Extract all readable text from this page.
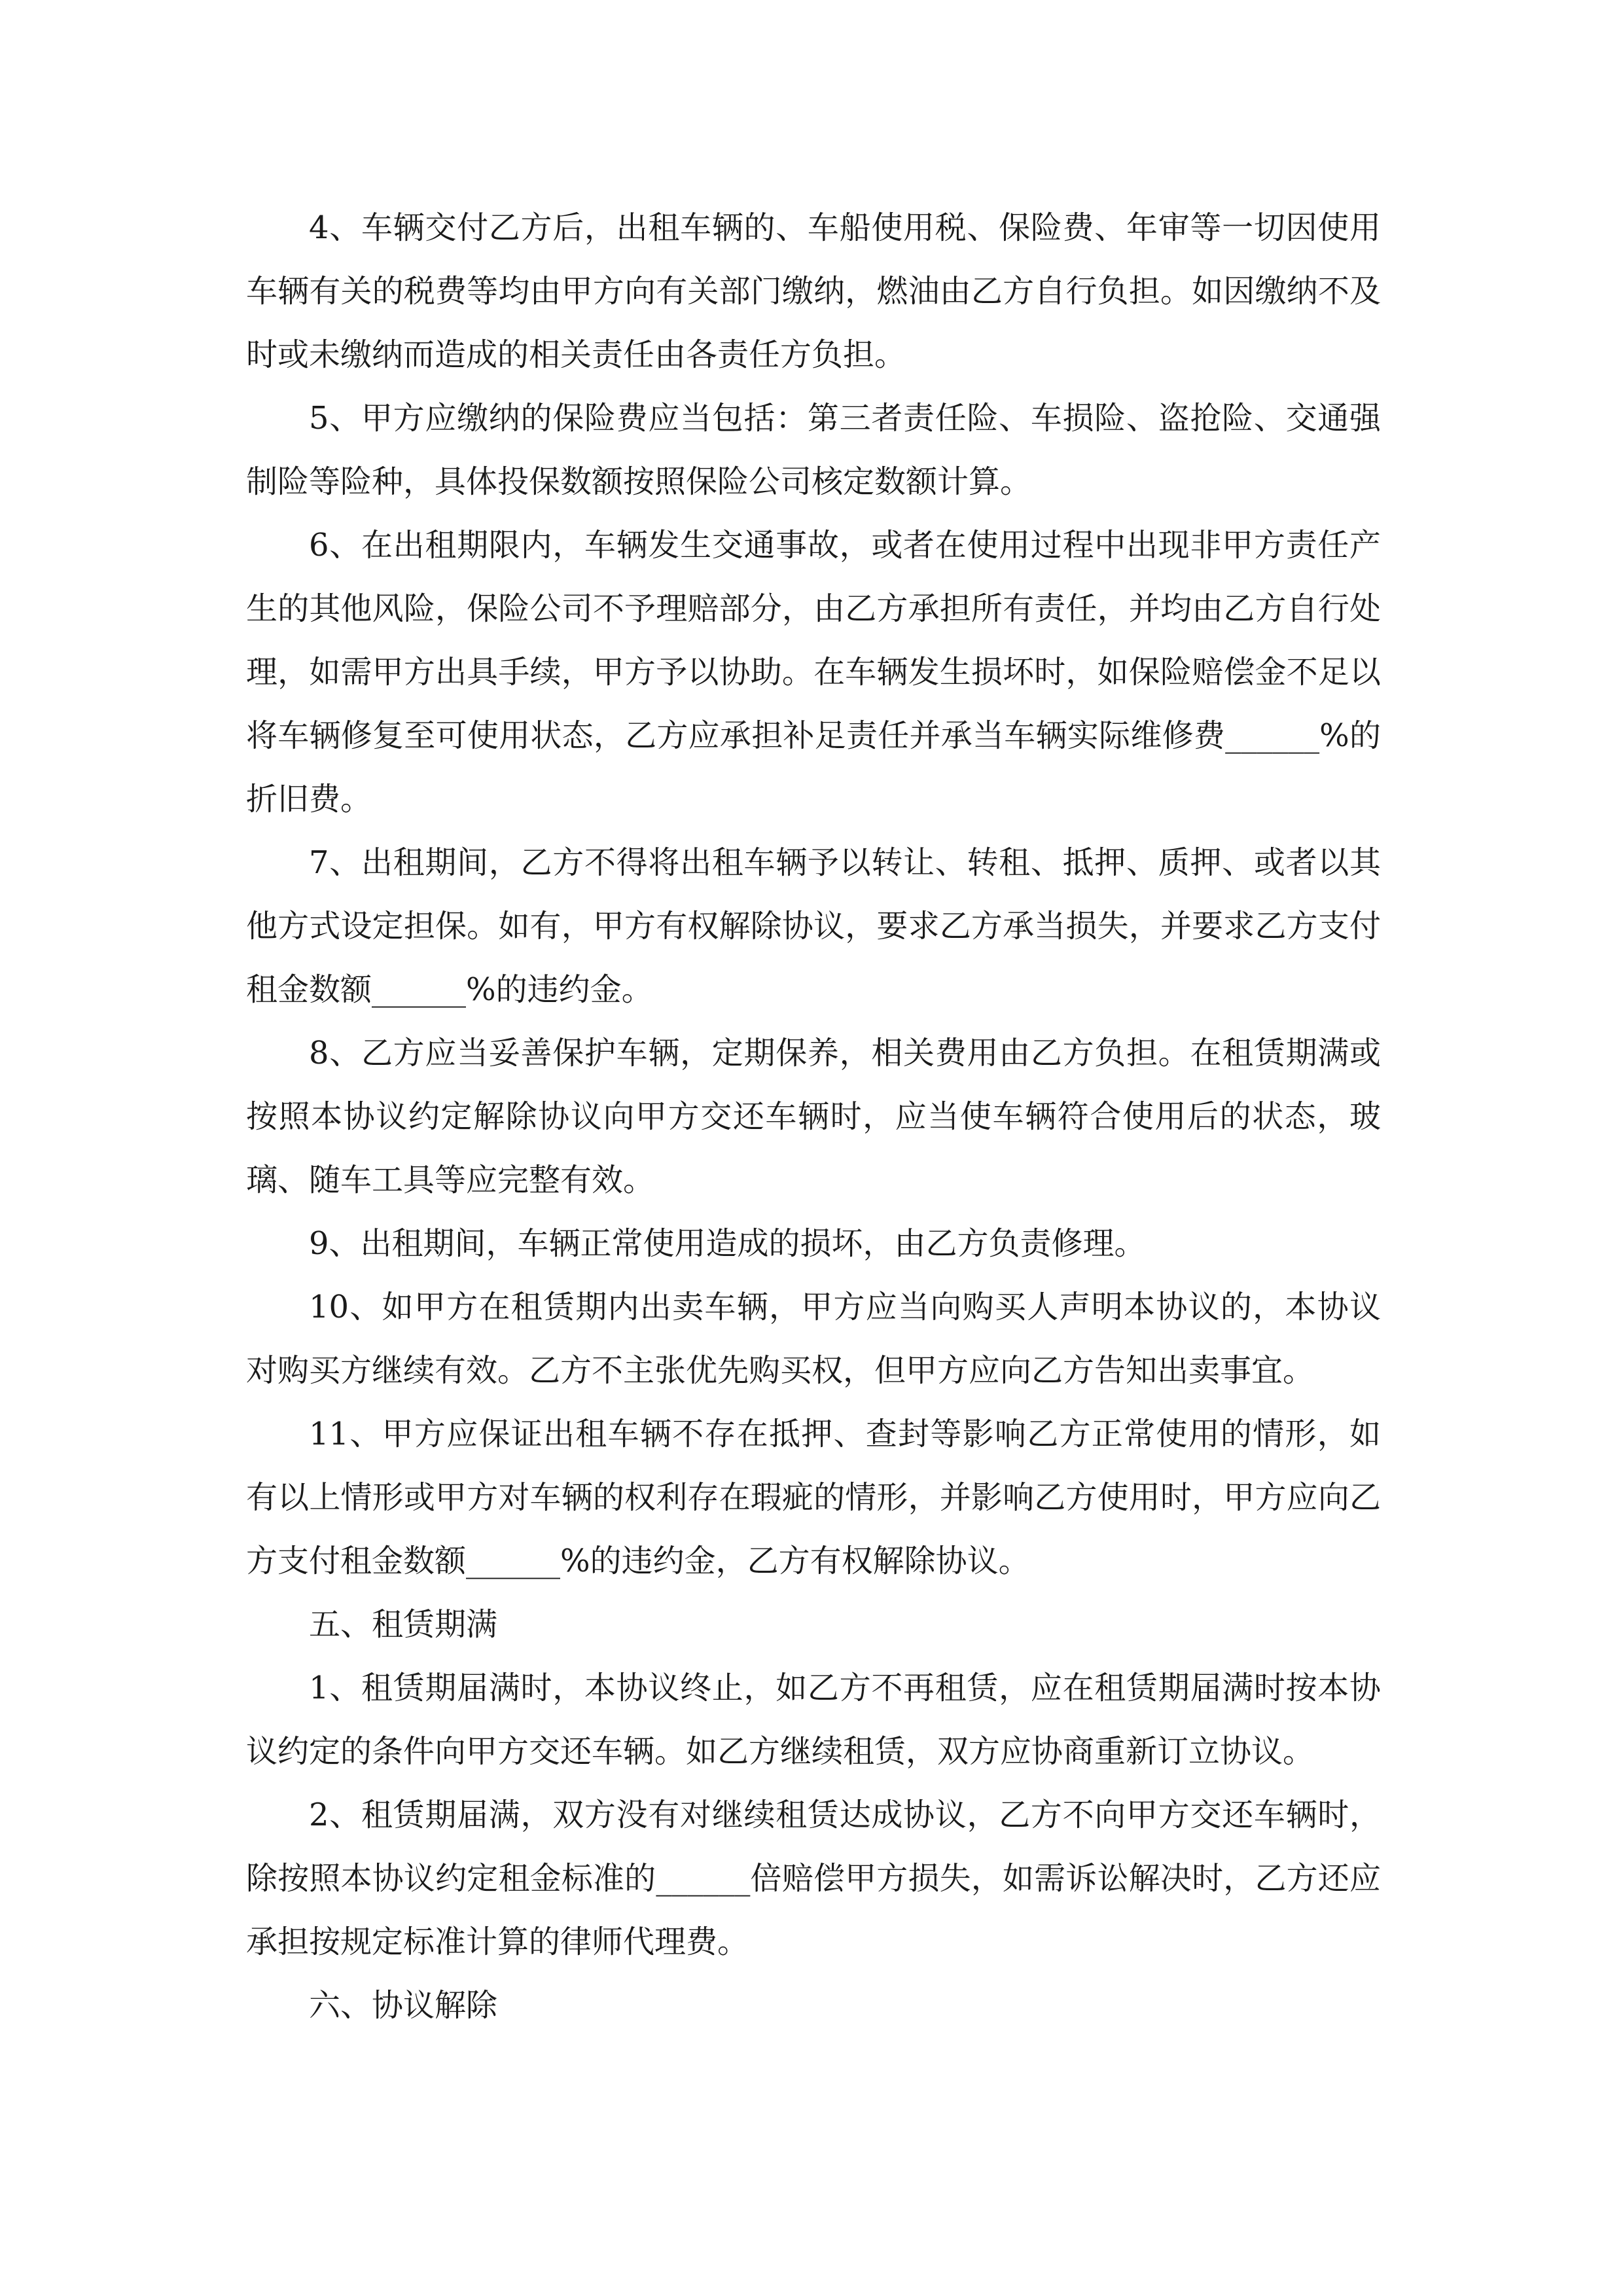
4、车辆交付乙方后，出租车辆的、车船使用税、保险费、年审等一切因使用车辆有关的税费等均由甲方向有关部门缴纳，燃油由乙方自行负担。如因缴纳不及时或未缴纳而造成的相关责任由各责任方负担。

5、甲方应缴纳的保险费应当包括：第三者责任险、车损险、盗抢险、交通强制险等险种，具体投保数额按照保险公司核定数额计算。

6、在出租期限内，车辆发生交通事故，或者在使用过程中出现非甲方责任产生的其他风险，保险公司不予理赔部分，由乙方承担所有责任，并均由乙方自行处理，如需甲方出具手续，甲方予以协助。在车辆发生损坏时，如保险赔偿金不足以将车辆修复至可使用状态，乙方应承担补足责任并承当车辆实际维修费______%的折旧费。

7、出租期间，乙方不得将出租车辆予以转让、转租、抵押、质押、或者以其他方式设定担保。如有，甲方有权解除协议，要求乙方承当损失，并要求乙方支付租金数额______%的违约金。

8、乙方应当妥善保护车辆，定期保养，相关费用由乙方负担。在租赁期满或按照本协议约定解除协议向甲方交还车辆时，应当使车辆符合使用后的状态，玻璃、随车工具等应完整有效。

9、出租期间，车辆正常使用造成的损坏，由乙方负责修理。

10、如甲方在租赁期内出卖车辆，甲方应当向购买人声明本协议的，本协议对购买方继续有效。乙方不主张优先购买权，但甲方应向乙方告知出卖事宜。

11、甲方应保证出租车辆不存在抵押、查封等影响乙方正常使用的情形，如有以上情形或甲方对车辆的权利存在瑕疵的情形，并影响乙方使用时，甲方应向乙方支付租金数额______%的违约金，乙方有权解除协议。

五、租赁期满

1、租赁期届满时，本协议终止，如乙方不再租赁，应在租赁期届满时按本协议约定的条件向甲方交还车辆。如乙方继续租赁，双方应协商重新订立协议。

2、租赁期届满，双方没有对继续租赁达成协议，乙方不向甲方交还车辆时，除按照本协议约定租金标准的______倍赔偿甲方损失，如需诉讼解决时，乙方还应承担按规定标准计算的律师代理费。

六、协议解除
